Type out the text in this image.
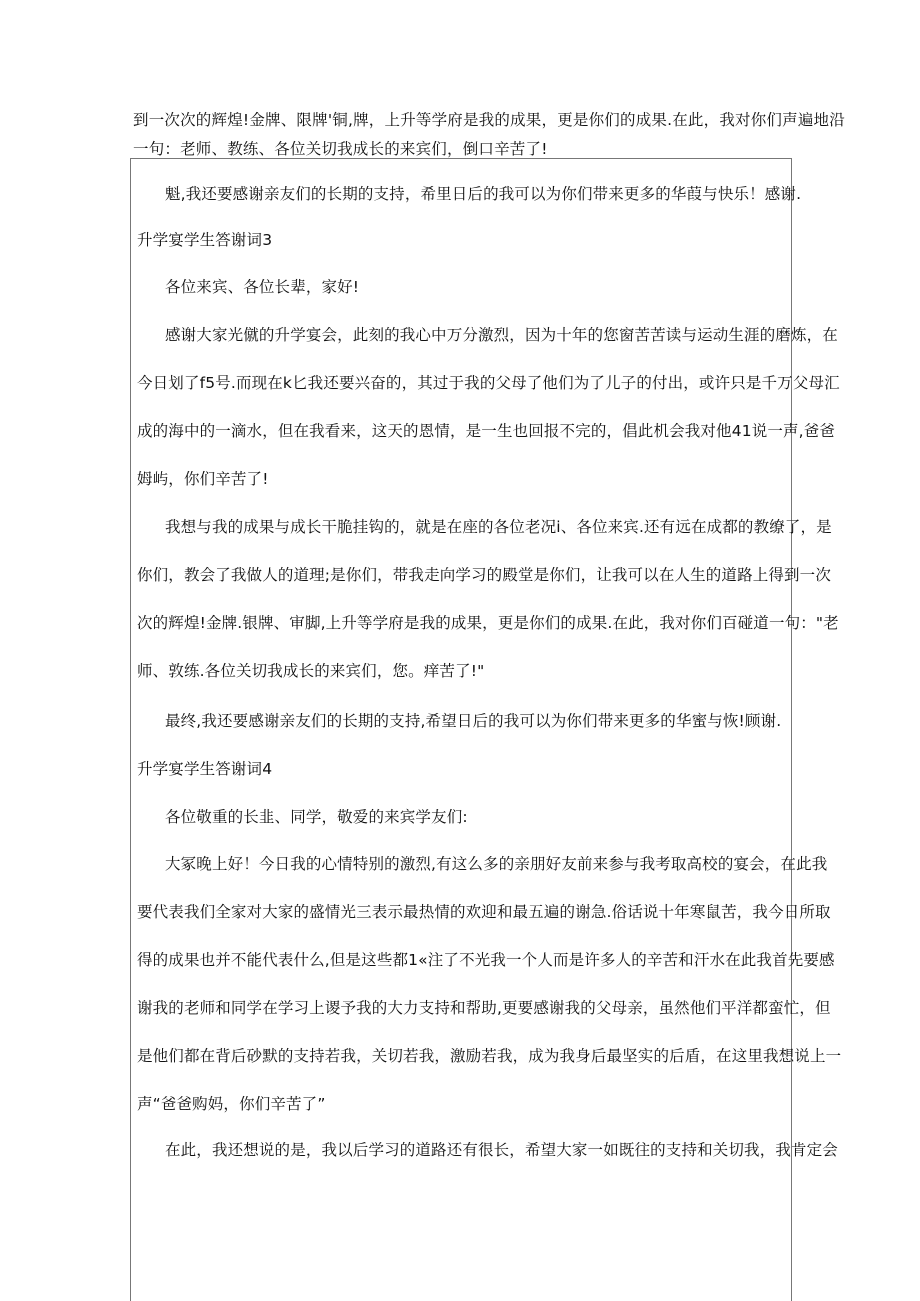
到一次次的辉煌!金牌、限牌'铜,牌，上升等学府是我的成果，更是你们的成果.在此，我对你们声遍地沿
一句：老师、教练、各位关切我成长的来宾们，倒口辛苦了!
魁,我还要感谢亲友们的长期的支持，希里日后的我可以为你们带来更多的华葭与快乐！感谢.
升学宴学生答谢词3
各位来宾、各位长辈，家好!
感谢大家光僦的升学宴会，此刻的我心中万分激烈，因为十年的您窗苦苦读与运动生涯的磨炼，在
今日划了f5号.而现在k匕我还要兴奋的，其过于我的父母了他们为了儿子的付出，或许只是千万父母汇
成的海中的一滴水，但在我看来，这天的恩情，是一生也回报不完的，倡此机会我对他41说一声,爸爸
姆屿，你们辛苦了!
我想与我的成果与成长干脆挂钩的，就是在座的各位老况i、各位来宾.还有远在成都的教缭了，是
你们，教会了我做人的道理;是你们，带我走向学习的殿堂是你们，让我可以在人生的道路上得到一次
次的辉煌!金牌.银牌、审脚,上升等学府是我的成果，更是你们的成果.在此，我对你们百碰道一句："老
师、敦练.各位关切我成长的来宾们，您。痒苦了!"
最终,我还要感谢亲友们的长期的支持,希望日后的我可以为你们带来更多的华蜜与恢!顾谢.
升学宴学生答谢词4
各位敬重的长韭、同学，敬爱的来宾学友们:
大冢晚上好！今日我的心情特别的激烈,有这么多的亲朋好友前来参与我考取高校的宴会，在此我
要代表我们全家对大家的盛情光三表示最热情的欢迎和最五遍的谢急.俗话说十年寒鼠苦，我今日所取
得的成果也并不能代表什么,但是这些都1«注了不光我一个人而是许多人的辛苦和汗水在此我首先要感
谢我的老师和同学在学习上谡予我的大力支持和帮助,更要感谢我的父母亲，虽然他们平洋都蛮忙，但
是他们都在背后砂默的支持若我，关切若我，激励若我，成为我身后最坚实的后盾，在这里我想说上一
声“爸爸购妈，你们辛苦了”
在此，我还想说的是，我以后学习的道路还有很长，希望大家一如既往的支持和关切我，我肯定会
